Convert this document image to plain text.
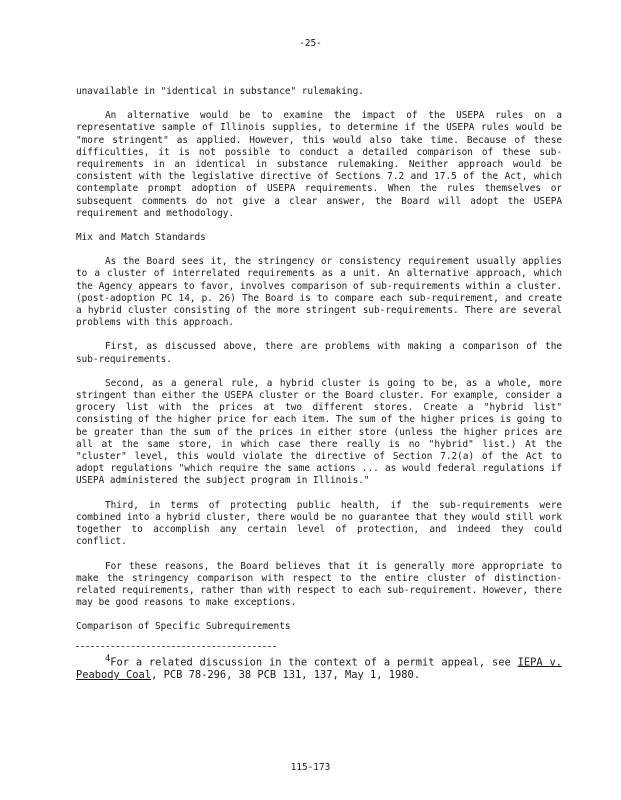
-25-

unavailable in "identical in substance" rulemaking.

An alternative would be to examine the impact of the USEPA rules on a representative sample of Illinois supplies, to determine if the USEPA rules would be "more stringent" as applied. However, this would also take time. Because of these difficulties, it is not possible to conduct a detailed comparison of these sub-requirements in an identical in substance rulemaking. Neither approach would be consistent with the legislative directive of Sections 7.2 and 17.5 of the Act, which contemplate prompt adoption of USEPA requirements. When the rules themselves or subsequent comments do not give a clear answer, the Board will adopt the USEPA requirement and methodology.

Mix and Match Standards

As the Board sees it, the stringency or consistency requirement usually applies to a cluster of interrelated requirements as a unit. An alternative approach, which the Agency appears to favor, involves comparison of sub-requirements within a cluster. (post-adoption PC 14, p. 26) The Board is to compare each sub-requirement, and create a hybrid cluster consisting of the more stringent sub-requirements. There are several problems with this approach.

First, as discussed above, there are problems with making a comparison of the sub-requirements.

Second, as a general rule, a hybrid cluster is going to be, as a whole, more stringent than either the USEPA cluster or the Board cluster. For example, consider a grocery list with the prices at two different stores. Create a "hybrid list" consisting of the higher price for each item. The sum of the higher prices is going to be greater than the sum of the prices in either store (unless the higher prices are all at the same store, in which case there really is no "hybrid" list.) At the "cluster" level, this would violate the directive of Section 7.2(a) of the Act to adopt regulations "which require the same actions ... as would federal regulations if USEPA administered the subject program in Illinois."

Third, in terms of protecting public health, if the sub-requirements were combined into a hybrid cluster, there would be no guarantee that they would still work together to accomplish any certain level of protection, and indeed they could conflict.

For these reasons, the Board believes that it is generally more appropriate to make the stringency comparison with respect to the entire cluster of distinction-related requirements, rather than with respect to each sub-requirement. However, there may be good reasons to make exceptions.

Comparison of Specific Subrequirements

$^4$For a related discussion in the context of a permit appeal, see IEPA v. Peabody Coal, PCB 78-296, 38 PCB 131, 137, May 1, 1980.

115-173
